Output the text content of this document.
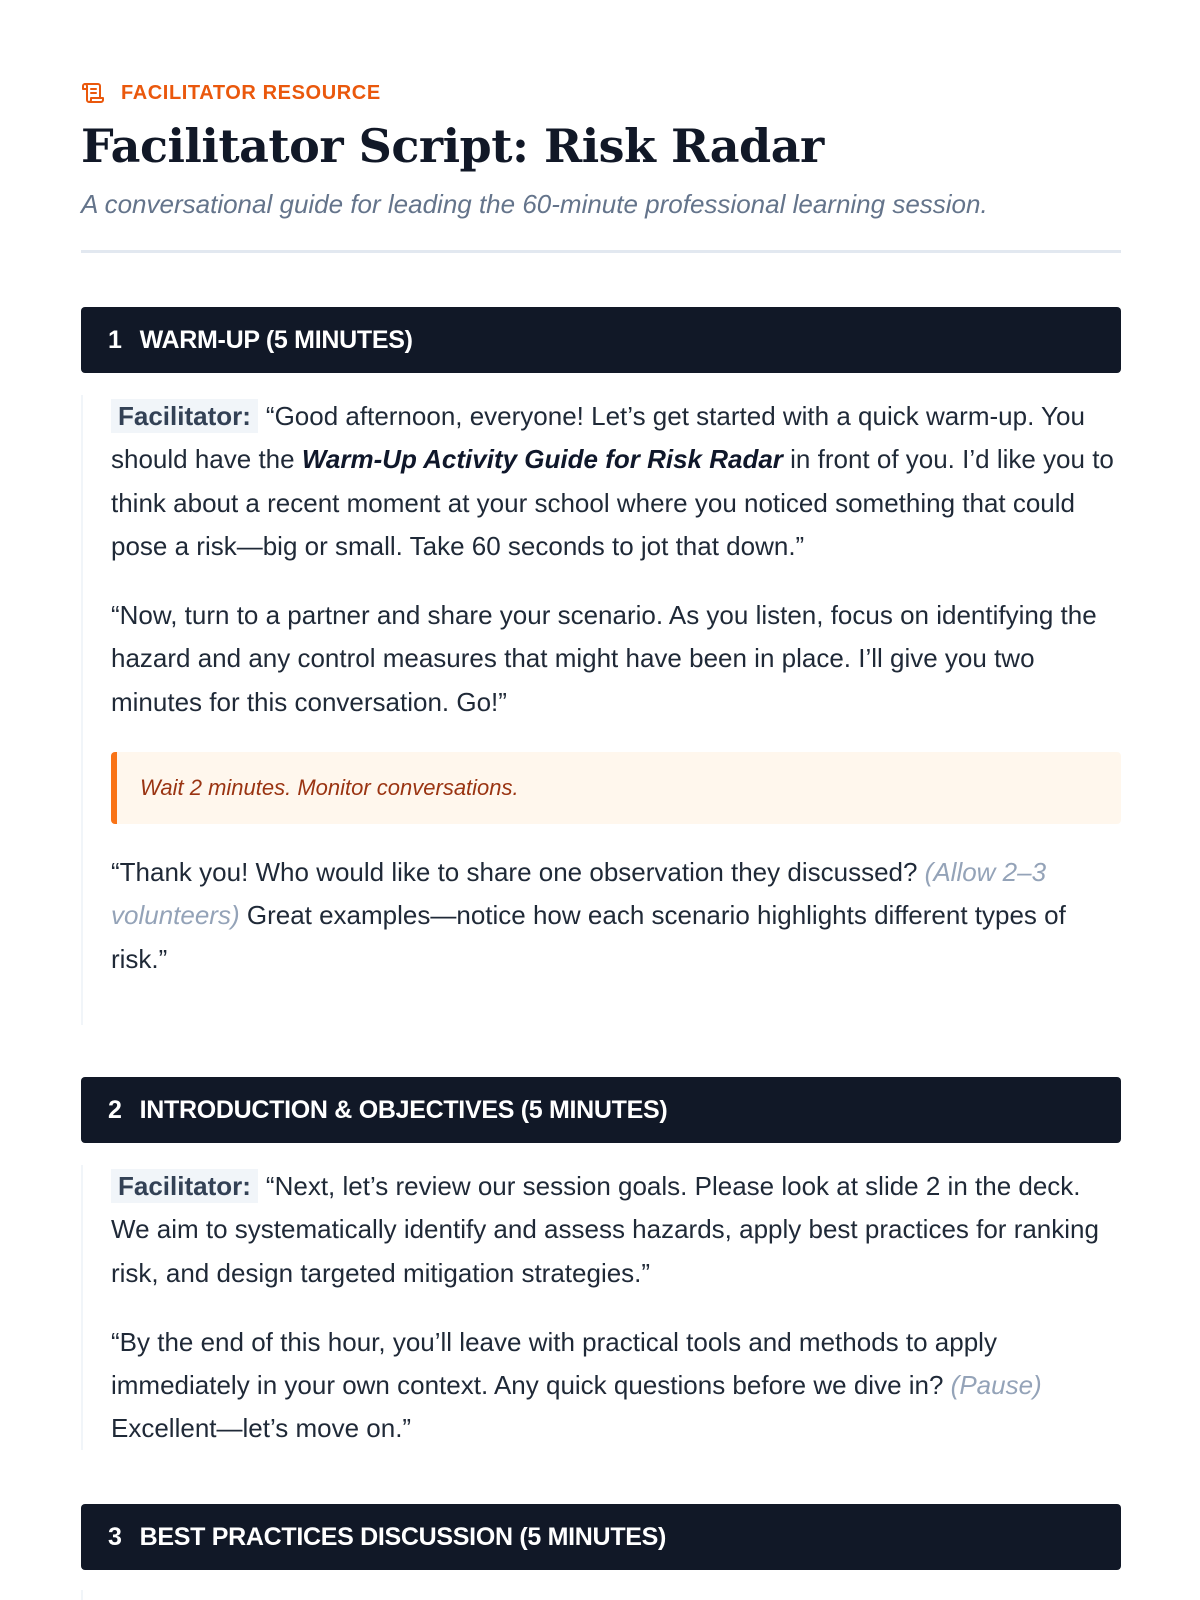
FACILITATOR RESOURCE
Facilitator Script: Risk Radar
A conversational guide for leading the 60-minute professional learning session.
1 WARM-UP (5 MINUTES)

Facilitator: “Good afternoon, everyone! Let’s get started with a quick warm-up. You should have the Warm-Up Activity Guide for Risk Radar in front of you. I’d like you to think about a recent moment at your school where you noticed something that could pose a risk—big or small. Take 60 seconds to jot that down.”

“Now, turn to a partner and share your scenario. As you listen, focus on identifying the hazard and any control measures that might have been in place. I’ll give you two minutes for this conversation. Go!”

Wait 2 minutes. Monitor conversations.

“Thank you! Who would like to share one observation they discussed? (Allow 2–3 volunteers) Great examples—notice how each scenario highlights different types of risk.”

2 INTRODUCTION & OBJECTIVES (5 MINUTES)

Facilitator: “Next, let’s review our session goals. Please look at slide 2 in the deck. We aim to systematically identify and assess hazards, apply best practices for ranking risk, and design targeted mitigation strategies.”

“By the end of this hour, you’ll leave with practical tools and methods to apply immediately in your own context. Any quick questions before we dive in? (Pause) Excellent—let’s move on.”

3 BEST PRACTICES DISCUSSION (5 MINUTES)
